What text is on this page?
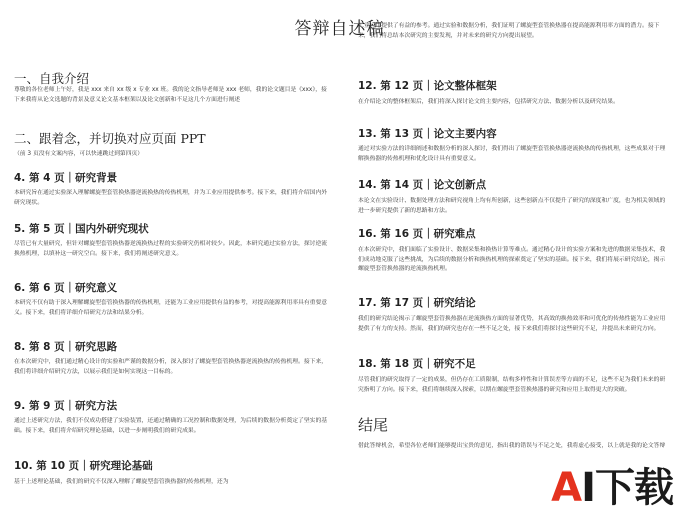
答辩自述稿
一、自我介绍

尊敬的各位老师上午好，我是 xxx 来自 xx 级 x 专业 xx 班。我的论文指导老师是 xxx 老师，我的论文题目是《xxx》，接下来我将从论文选题的背景及意义论文基本框架以及论文创新和不足这几个方面进行阐述

二、跟着念，并切换对应页面 PPT

（前 3 页没有文案内容，可以快速跳过到第四页）

4. 第 4 页｜研究背景

本研究旨在通过实验深入理解螺旋型套管换热器逆流换热的传热机理，并为工业应用提供参考。接下来，我们将介绍国内外研究现状。

5. 第 5 页｜国内外研究现状

尽管已有大量研究，但针对螺旋型套管换热器逆流换热过程的实验研究仍相对较少。因此，本研究通过实验方法，探讨逆流换热机理，以填补这一研究空白。接下来，我们将阐述研究意义。

6. 第 6 页｜研究意义

本研究不仅有助于深入理解螺旋型套管换热器的传热机理，还能为工业应用提供有益的参考，对提高能源利用率具有重要意义。接下来，我们将详细介绍研究方法和结果分析。

8. 第 8 页｜研究思路

在本次研究中，我们通过精心设计的实验和严谨的数据分析，深入探讨了螺旋型套管换热器逆流换热的传热机理。接下来，我们将详细介绍研究方法，以展示我们是如何实现这一目标的。

9. 第 9 页｜研究方法

通过上述研究方法，我们不仅成功搭建了实验装置，还通过精确的工况控制和数据处理，为后续的数据分析奠定了坚实的基础。接下来，我们将介绍研究理论基础，以进一步阐明我们的研究成果。

10. 第 10 页｜研究理论基础

基于上述理论基础，我们的研究不仅深入理解了螺旋型套管换热器的传热机理，还为

工业应用提供了有益的参考。通过实验和数据分析，我们证明了螺旋型套管换热器在提高能源利用率方面的潜力。接下来，我们将总结本次研究的主要发现，并对未来的研究方向提出展望。

12. 第 12 页｜论文整体框架

在介绍论文的整体框架后，我们将深入探讨论文的主要内容，包括研究方法、数据分析以及研究结果。

13. 第 13 页｜论文主要内容

通过对实验方法的详细阐述和数据分析的深入探讨，我们得出了螺旋型套管换热器逆流换热的传热机理，这些成果对于理解换热器的传热机理和优化设计具有重要意义。

14. 第 14 页｜论文创新点

本论文在实验设计、数据处理方法和研究视角上均有所创新，这些创新点不仅提升了研究的深度和广度，也为相关领域的进一步研究提供了新的思路和方法。

16. 第 16 页｜研究难点

在本次研究中，我们面临了实验设计、数据采集和换热计算等难点。通过精心设计的实验方案和先进的数据采集技术，我们成功地克服了这些挑战，为后续的数据分析和换热机理的探索奠定了坚实的基础。接下来，我们将展示研究结论，揭示螺旋型套管换热器的逆流换热机理。

17. 第 17 页｜研究结论

我们的研究结论揭示了螺旋型套管换热器在逆流换热方面的显著优势，其高效的换热效率和可优化的传热性能为工业应用提供了有力的支持。然而，我们的研究也存在一些不足之处，接下来我们将探讨这些研究不足，并提出未来研究方向。

18. 第 18 页｜研究不足

尽管我们的研究取得了一定的成果，但仍存在工质限制，结构多样性和计算误差等方面的不足，这些不足为我们未来的研究指明了方向。接下来，我们将继续深入探索，以期在螺旋型套管换热器的研究和应用上取得更大的突破。

结尾

借此答辩机会，希望各位老师们能够提出宝贵的意见，指出我的错误与不足之处，我将虚心接受，以上就是我的论文答辩

AI下载
